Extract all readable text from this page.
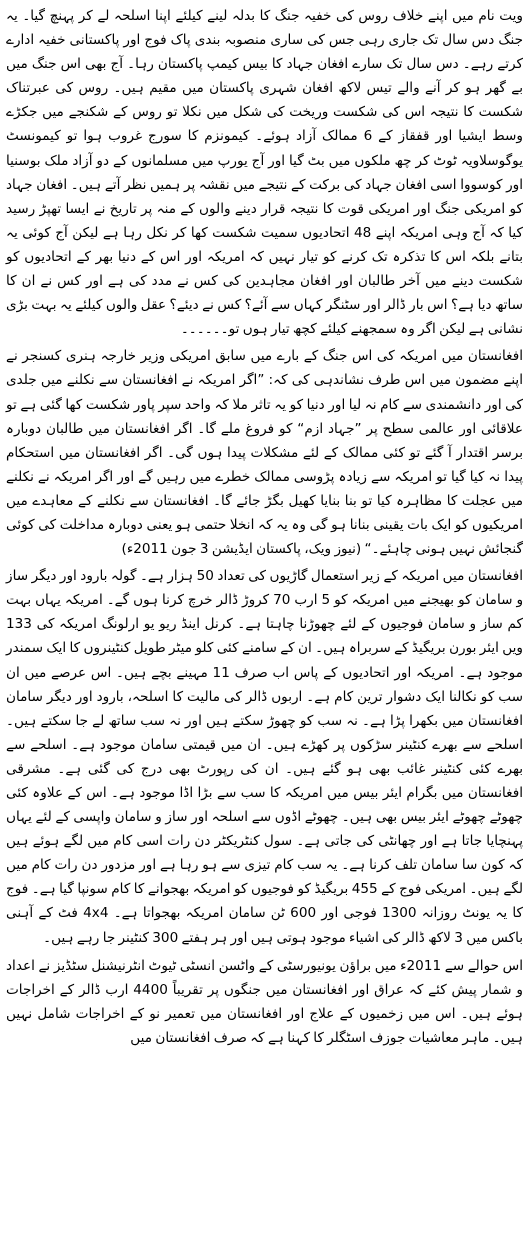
ویت نام میں اپنے خلاف روس کی خفیہ جنگ کا بدلہ لینے کیلئے اپنا اسلحہ لے کر پہنچ گیا۔ یہ جنگ دس سال تک جاری رہی جس کی ساری منصوبہ بندی پاک فوج اور پاکستانی خفیہ ادارے کرتے رہے۔ دس سال تک سارے افغان جہاد کا بیس کیمپ پاکستان رہا۔ آج بھی اس جنگ میں بے گھر ہو کر آنے والے تیس لاکھ افغان شہری پاکستان میں مقیم ہیں۔ روس کی عبرتناک شکست کا نتیجہ اس کی شکست وریخت کی شکل میں نکلا تو روس کے شکنجے میں جکڑے وسط ایشیا اور قفقاز کے 6 ممالک آزاد ہوئے۔ کیمونزم کا سورج غروب ہوا تو کیمونسٹ یوگوسلاویہ ٹوٹ کر چھ ملکوں میں بٹ گیا اور آج یورپ میں مسلمانوں کے دو آزاد ملک بوسنیا اور کوسووا اسی افغان جہاد کی برکت کے نتیجے میں نقشہ پر ہمیں نظر آتے ہیں۔ افغان جہاد کو امریکی جنگ اور امریکی قوت کا نتیجہ قرار دینے والوں کے منہ پر تاریخ نے ایسا تھپڑ رسید کیا کہ آج وہی امریکہ اپنے 48 اتحادیوں سمیت شکست کھا کر نکل رہا ہے لیکن آج کوئی یہ بتانے بلکہ اس کا تذکرہ تک کرنے کو تیار نہیں کہ امریکہ اور اس کے دنیا بھر کے اتحادیوں کو شکست دینے میں آخر طالبان اور افغان مجاہدین کی کس نے مدد کی ہے اور کس نے ان کا ساتھ دیا ہے؟ اس بار ڈالر اور سٹنگر کہاں سے آئے؟ کس نے دیئے؟ عقل والوں کیلئے یہ بہت بڑی نشانی ہے لیکن اگر وہ سمجھنے کیلئے کچھ تیار ہوں تو۔۔۔۔۔۔

افغانستان میں امریکہ کی اس جنگ کے بارے میں سابق امریکی وزیر خارجہ ہنری کسنجر نے اپنے مضمون میں اس طرف نشاندہی کی کہ: ”اگر امریکہ نے افغانستان سے نکلنے میں جلدی کی اور دانشمندی سے کام نہ لیا اور دنیا کو یہ تاثر ملا کہ واحد سپر پاور شکست کھا گئی ہے تو علاقائی اور عالمی سطح پر ”جہاد ازم“ کو فروغ ملے گا۔ اگر افغانستان میں طالبان دوبارہ برسر اقتدار آ گئے تو کئی ممالک کے لئے مشکلات پیدا ہوں گی۔ اگر افغانستان میں استحکام پیدا نہ کیا گیا تو امریکہ سے زیادہ پڑوسی ممالک خطرے میں رہیں گے اور اگر امریکہ نے نکلنے میں عجلت کا مظاہرہ کیا تو بنا بنایا کھیل بگڑ جائے گا۔ افغانستان سے نکلنے کے معاہدے میں امریکیوں کو ایک بات یقینی بنانا ہو گی وہ یہ کہ انخلا حتمی ہو یعنی دوبارہ مداخلت کی کوئی گنجائش نہیں ہونی چاہئے۔“ (نیوز ویک، پاکستان ایڈیشن 3 جون 2011ء)

افغانستان میں امریکہ کے زیر استعمال گاڑیوں کی تعداد 50 ہزار ہے۔ گولہ بارود اور دیگر ساز و سامان کو بھیجنے میں امریکہ کو 5 ارب 70 کروڑ ڈالر خرچ کرنا ہوں گے۔ امریکہ یہاں بہت کم ساز و سامان فوجیوں کے لئے چھوڑنا چاہتا ہے۔ کرنل اینڈ ریو یو ارلونگ امریکہ کی 133 ویں ایئر بورن بریگیڈ کے سربراہ ہیں۔ ان کے سامنے کئی کلو میٹر طویل کنٹینروں کا ایک سمندر موجود ہے۔ امریکہ اور اتحادیوں کے پاس اب صرف 11 مہینے بچے ہیں۔ اس عرصے میں ان سب کو نکالنا ایک دشوار ترین کام ہے۔ اربوں ڈالر کی مالیت کا اسلحہ، بارود اور دیگر سامان افغانستان میں بکھرا پڑا ہے۔ نہ سب کو چھوڑ سکتے ہیں اور نہ سب ساتھ لے جا سکتے ہیں۔ اسلحے سے بھرے کنٹینر سڑکوں پر کھڑے ہیں۔ ان میں قیمتی سامان موجود ہے۔ اسلحے سے بھرے کئی کنٹینر غائب بھی ہو گئے ہیں۔ ان کی رپورٹ بھی درج کی گئی ہے۔ مشرقی افغانستان میں بگرام ایئر بیس میں امریکہ کا سب سے بڑا اڈا موجود ہے۔ اس کے علاوہ کئی چھوٹے چھوٹے ایئر بیس بھی ہیں۔ چھوٹے اڈوں سے اسلحہ اور ساز و سامان واپسی کے لئے یہاں پہنچایا جاتا ہے اور چھانٹی کی جاتی ہے۔ سول کنٹریکٹر دن رات اسی کام میں لگے ہوئے ہیں کہ کون سا سامان تلف کرنا ہے۔ یہ سب کام تیزی سے ہو رہا ہے اور مزدور دن رات کام میں لگے ہیں۔ امریکی فوج کے 455 بریگیڈ کو فوجیوں کو امریکہ بھجوانے کا کام سونپا گیا ہے۔ فوج کا یہ یونٹ روزانہ 1300 فوجی اور 600 ٹن سامان امریکہ بھجواتا ہے۔ 4x4 فٹ کے آہنی باکس میں 3 لاکھ ڈالر کی اشیاء موجود ہوتی ہیں اور ہر ہفتے 300 کنٹینر جا رہے ہیں۔

اس حوالے سے 2011ء میں براؤن یونیورسٹی کے واٹسن انسٹی ٹیوٹ انٹرنیشنل سٹڈیز نے اعداد و شمار پیش کئے کہ عراق اور افغانستان میں جنگوں پر تقریباً 4400 ارب ڈالر کے اخراجات ہوئے ہیں۔ اس میں زخمیوں کے علاج اور افغانستان میں تعمیر نو کے اخراجات شامل نہیں ہیں۔ ماہر معاشیات جوزف اسٹگلر کا کہنا ہے کہ صرف افغانستان میں
